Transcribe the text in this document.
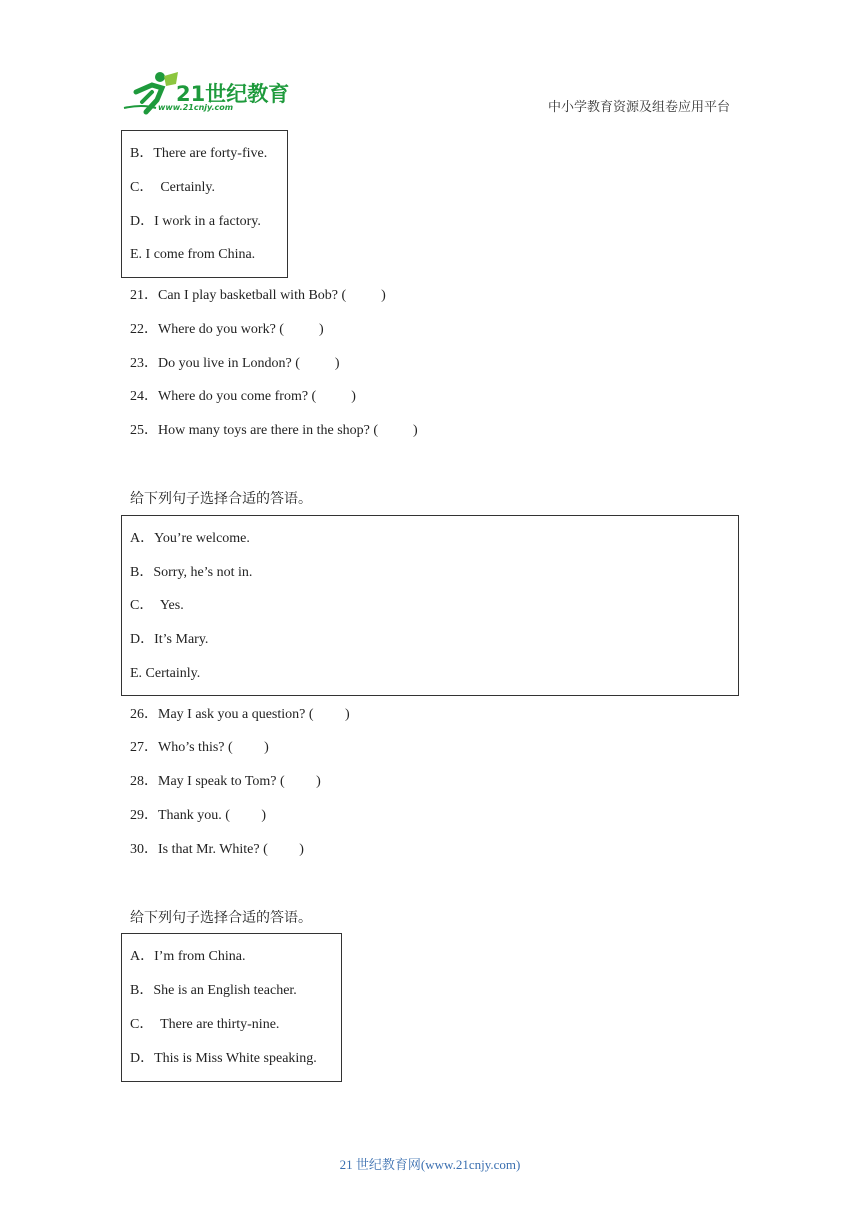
21世纪教育
www.21cnjy.com	中小学教育资源及组卷应用平台
B．There are forty-five.
C．  Certainly.
D．I work in a factory.
E. I come from China.
21．Can I play basketball with Bob? (          )
22．Where do you work? (          )
23．Do you live in London? (          )
24．Where do you come from? (          )
25．How many toys are there in the shop? (          )
给下列句子选择合适的答语。
A．You’re welcome.
B．Sorry, he’s not in.
C．  Yes.
D．It’s Mary.
E. Certainly.
26．May I ask you a question? (         )
27．Who’s this? (         )
28．May I speak to Tom? (         )
29．Thank you. (         )
30．Is that Mr. White? (         )
给下列句子选择合适的答语。
A．I’m from China.
B．She is an English teacher.
C．  There are thirty-nine.
D．This is Miss White speaking.
21 世纪教育网(www.21cnjy.com)
